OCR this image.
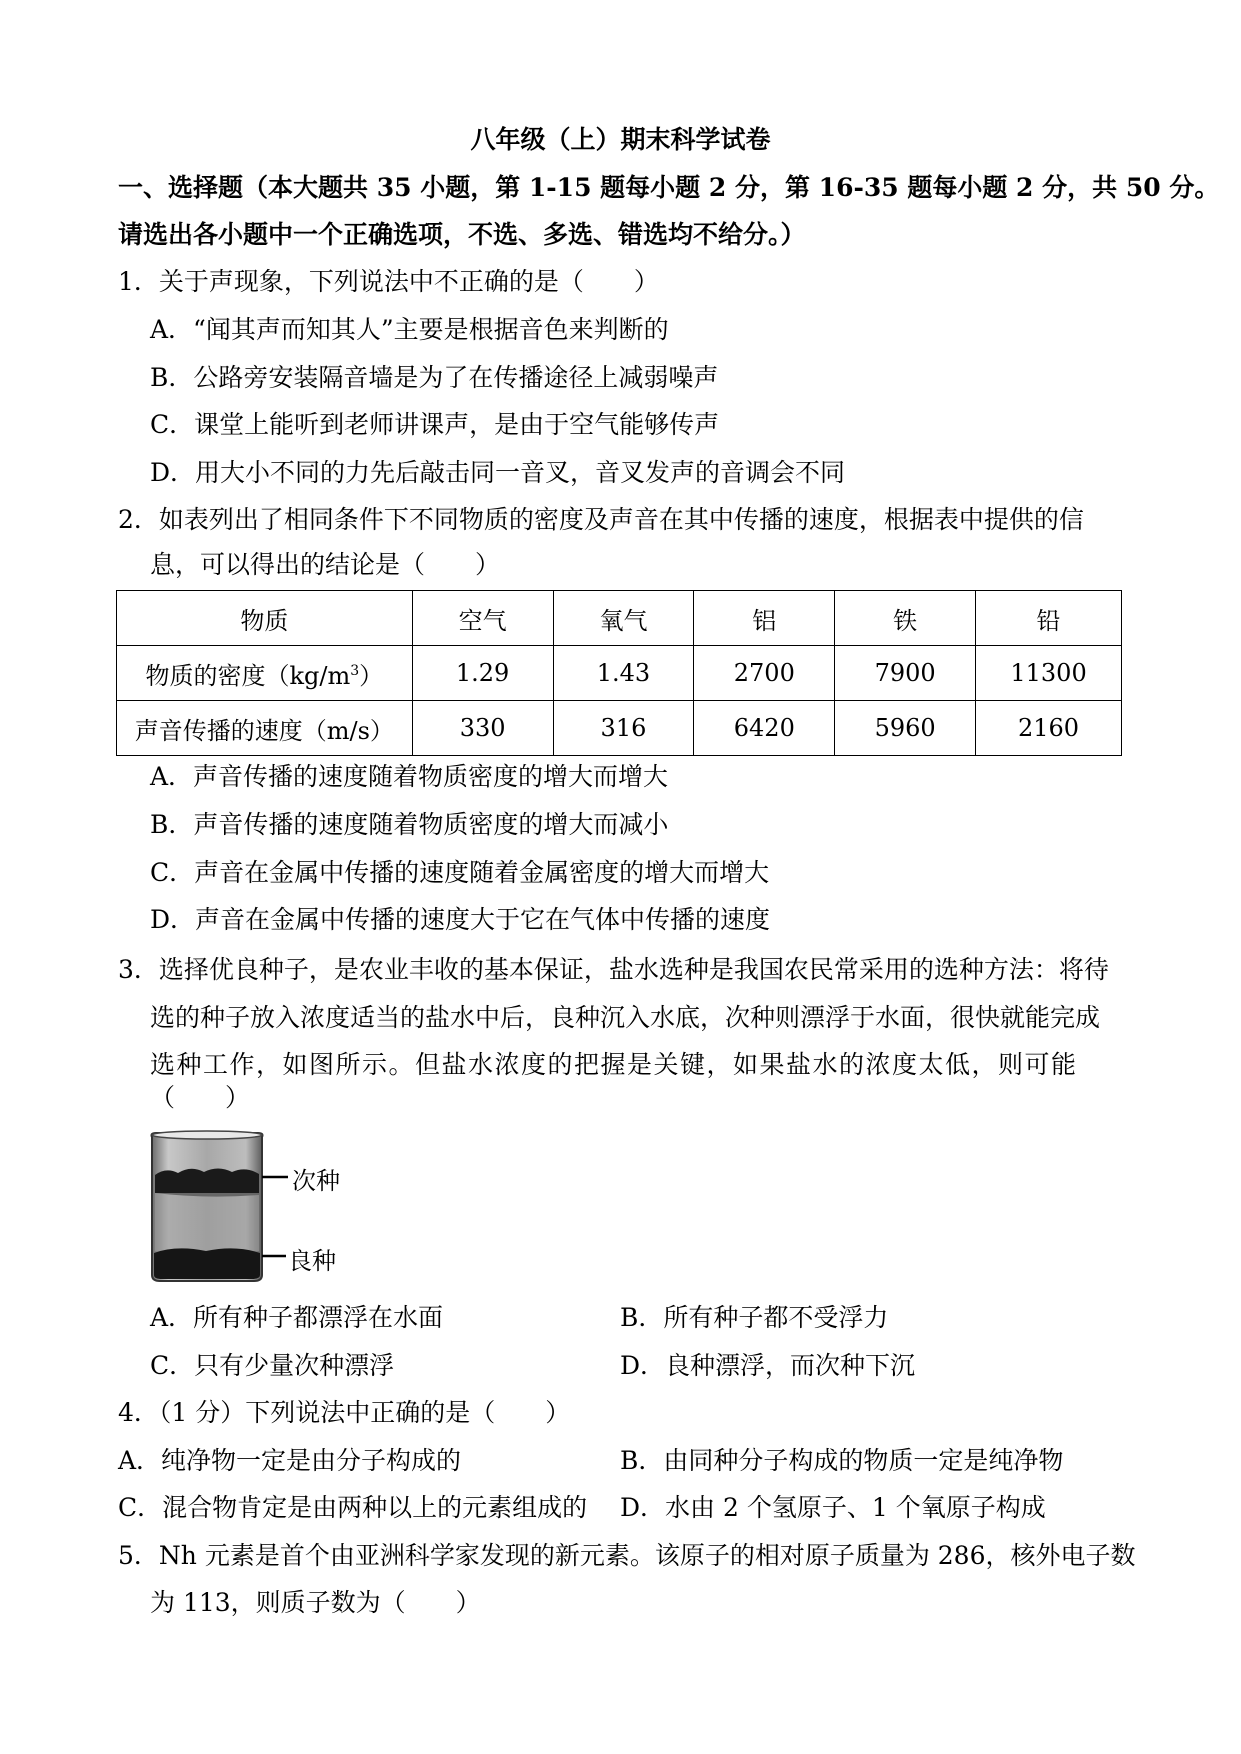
八年级（上）期末科学试卷
一、选择题（本大题共 35 小题，第 1-15 题每小题 2 分，第 16-35 题每小题 2 分，共 50 分。
请选出各小题中一个正确选项，不选、多选、错选均不给分。）
1．关于声现象，下列说法中不正确的是（　　）
A．“闻其声而知其人”主要是根据音色来判断的
B．公路旁安装隔音墙是为了在传播途径上减弱噪声
C．课堂上能听到老师讲课声，是由于空气能够传声
D．用大小不同的力先后敲击同一音叉，音叉发声的音调会不同
2．如表列出了相同条件下不同物质的密度及声音在其中传播的速度，根据表中提供的信
息，可以得出的结论是（　　）
物质	空气	氧气	铝	铁	铅
物质的密度$(kg/m^3)$	1.29	1.43	2700	7900	11300
声音传播的速度（m/s）	330	316	6420	5960	2160
A．声音传播的速度随着物质密度的增大而增大
B．声音传播的速度随着物质密度的增大而减小
C．声音在金属中传播的速度随着金属密度的增大而增大
D．声音在金属中传播的速度大于它在气体中传播的速度
3．选择优良种子，是农业丰收的基本保证，盐水选种是我国农民常采用的选种方法：将待
选的种子放入浓度适当的盐水中后，良种沉入水底，次种则漂浮于水面，很快就能完成
选种工作，如图所示。但盐水浓度的把握是关键，如果盐水的浓度太低，则可能
（　　）
次种
良种
A．所有种子都漂浮在水面	B．所有种子都不受浮力
C．只有少量次种漂浮	D．良种漂浮，而次种下沉
4．（1 分）下列说法中正确的是（　　）
A．纯净物一定是由分子构成的	B．由同种分子构成的物质一定是纯净物
C．混合物肯定是由两种以上的元素组成的 D．水由 2 个氢原子、1 个氧原子构成
5．Nh 元素是首个由亚洲科学家发现的新元素。该原子的相对原子质量为 286，核外电子数
为 113，则质子数为（　　）
